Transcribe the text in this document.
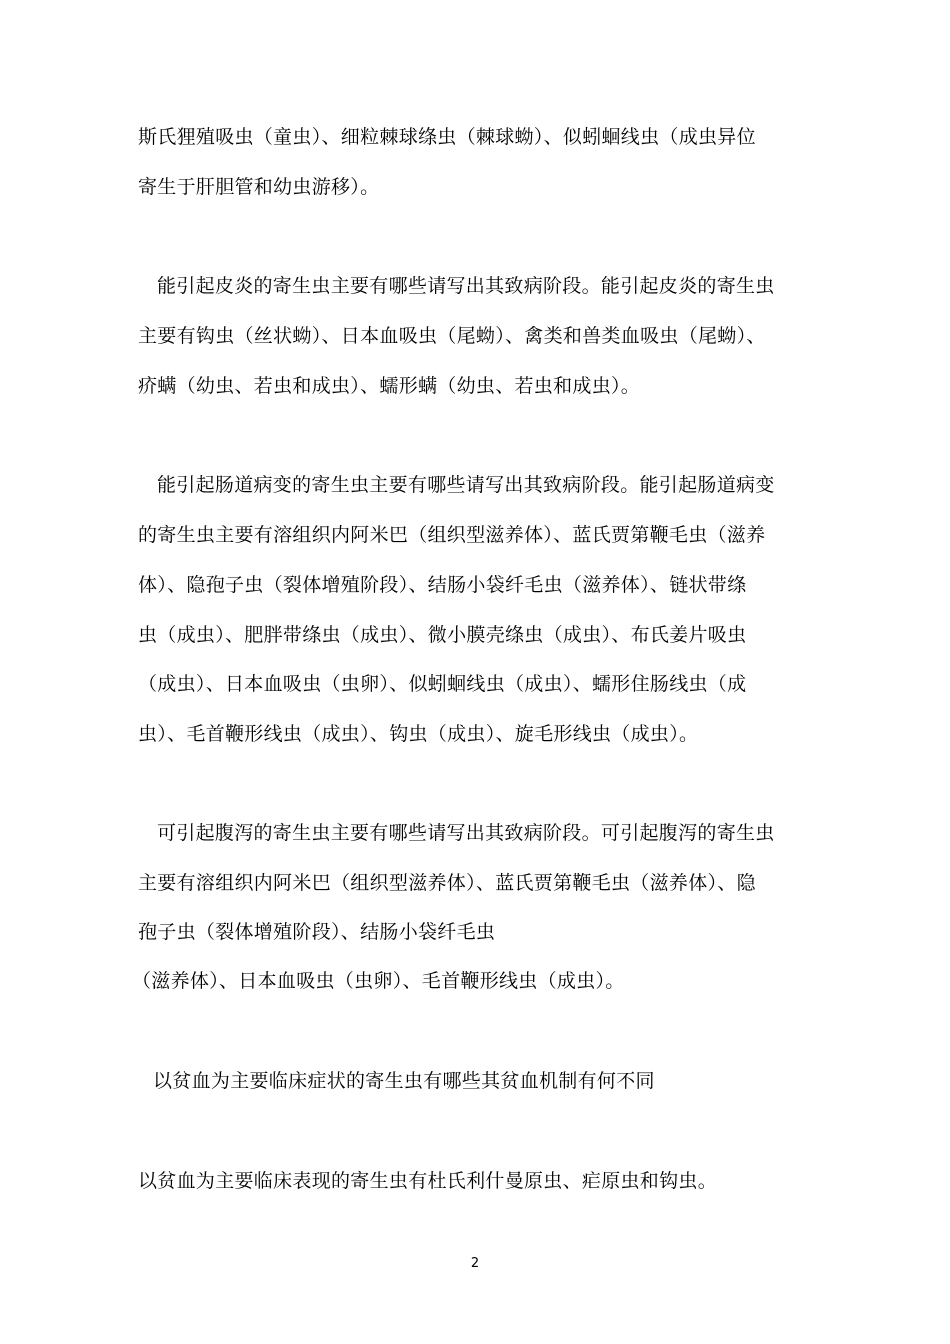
斯氏狸殖吸虫（童虫）、细粒棘球绦虫（棘球蚴）、似蚓蛔线虫（成虫异位
寄生于肝胆管和幼虫游移）。
能引起皮炎的寄生虫主要有哪些请写出其致病阶段。能引起皮炎的寄生虫
主要有钩虫（丝状蚴）、日本血吸虫（尾蚴）、禽类和兽类血吸虫（尾蚴）、
疥螨（幼虫、若虫和成虫）、蠕形螨（幼虫、若虫和成虫）。
能引起肠道病变的寄生虫主要有哪些请写出其致病阶段。能引起肠道病变
的寄生虫主要有溶组织内阿米巴（组织型滋养体）、蓝氏贾第鞭毛虫（滋养
体）、隐孢子虫（裂体增殖阶段）、结肠小袋纤毛虫（滋养体）、链状带绦
虫（成虫）、肥胖带绦虫（成虫）、微小膜壳绦虫（成虫）、布氏姜片吸虫
（成虫）、日本血吸虫（虫卵）、似蚓蛔线虫（成虫）、蠕形住肠线虫（成
虫）、毛首鞭形线虫（成虫）、钩虫（成虫）、旋毛形线虫（成虫）。
可引起腹泻的寄生虫主要有哪些请写出其致病阶段。可引起腹泻的寄生虫
主要有溶组织内阿米巴（组织型滋养体）、蓝氏贾第鞭毛虫（滋养体）、隐
孢子虫（裂体增殖阶段）、结肠小袋纤毛虫
（滋养体）、日本血吸虫（虫卵）、毛首鞭形线虫（成虫）。
以贫血为主要临床症状的寄生虫有哪些其贫血机制有何不同
以贫血为主要临床表现的寄生虫有杜氏利什曼原虫、疟原虫和钩虫。
2
